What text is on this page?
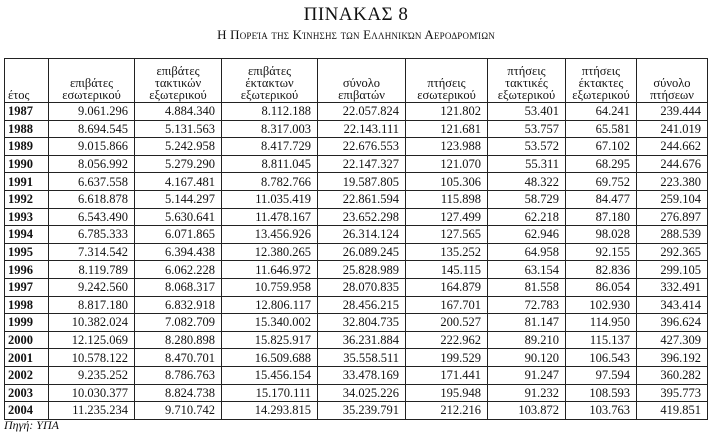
ΠΙΝΑΚΑΣ 8
Η Πορεία της Κίνησης των Ελληνικών Αεροδρομίων
έτος	επιβάτες εσωτερικού	επιβάτες τακτικών εξωτερικού	επιβάτες έκτακτων εξωτερικού	σύνολο επιβατών	πτήσεις εσωτερικού	πτήσεις τακτικές εξωτερικού	πτήσεις έκτακτες εξωτερικού	σύνολο πτήσεων
1987	9.061.296	4.884.340	8.112.188	22.057.824	121.802	53.401	64.241	239.444
1988	8.694.545	5.131.563	8.317.003	22.143.111	121.681	53.757	65.581	241.019
1989	9.015.866	5.242.958	8.417.729	22.676.553	123.988	53.572	67.102	244.662
1990	8.056.992	5.279.290	8.811.045	22.147.327	121.070	55.311	68.295	244.676
1991	6.637.558	4.167.481	8.782.766	19.587.805	105.306	48.322	69.752	223.380
1992	6.618.878	5.144.297	11.035.419	22.861.594	115.898	58.729	84.477	259.104
1993	6.543.490	5.630.641	11.478.167	23.652.298	127.499	62.218	87.180	276.897
1994	6.785.333	6.071.865	13.456.926	26.314.124	127.565	62.946	98.028	288.539
1995	7.314.542	6.394.438	12.380.265	26.089.245	135.252	64.958	92.155	292.365
1996	8.119.789	6.062.228	11.646.972	25.828.989	145.115	63.154	82.836	299.105
1997	9.242.560	8.068.317	10.759.958	28.070.835	164.879	81.558	86.054	332.491
1998	8.817.180	6.832.918	12.806.117	28.456.215	167.701	72.783	102.930	343.414
1999	10.382.024	7.082.709	15.340.002	32.804.735	200.527	81.147	114.950	396.624
2000	12.125.069	8.280.898	15.825.917	36.231.884	222.962	89.210	115.137	427.309
2001	10.578.122	8.470.701	16.509.688	35.558.511	199.529	90.120	106.543	396.192
2002	9.235.252	8.786.763	15.456.154	33.478.169	171.441	91.247	97.594	360.282
2003	10.030.377	8.824.738	15.170.111	34.025.226	195.948	91.232	108.593	395.773
2004	11.235.234	9.710.742	14.293.815	35.239.791	212.216	103.872	103.763	419.851
Πηγή: ΥΠΑ
